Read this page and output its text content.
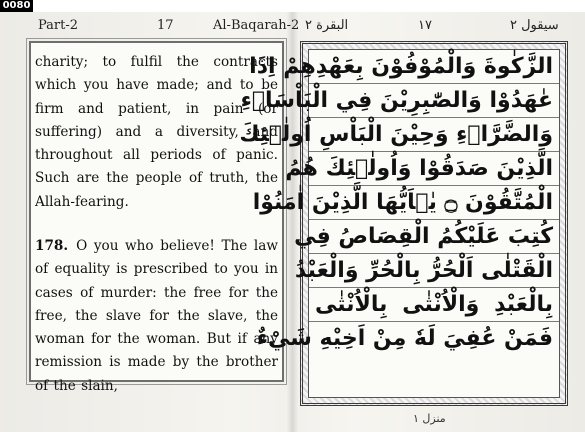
0080
Part-2	17	Al-Baqarah-2 البقرة ٢	١٧	سيقول ٢

charity; to fulfil the contracts which you have made; and to be firm and patient, in pain (or suffering) and a diversity, and throughout all periods of panic. Such are the people of truth, the Allah-fearing.

178. O you who believe! The law of equality is prescribed to you in cases of murder: the free for the free, the slave for the slave, the woman for the woman. But if any remission is made by the brother of the slain,

الزَّكٰوةَ وَالْمُوْفُوْنَ بِعَهْدِهِمْ اِذَا
عٰهَدُوْا وَالصّٰبِرِيْنَ فِي الْبَاْسَاۤءِ
وَالضَّرَّاۤءِ وَحِيْنَ الْبَاْسِ اُولٰۤئِكَ
الَّذِيْنَ صَدَقُوْا وَاُولٰۤئِكَ هُمُ
الْمُتَّقُوْنَ ۝ يٰۤاَيُّهَا الَّذِيْنَ اٰمَنُوْا
كُتِبَ عَلَيْكُمُ الْقِصَاصُ فِي
الْقَتْلٰى اَلْحُرُّ بِالْحُرِّ وَالْعَبْدُ
بِالْعَبْدِ وَالْاُنْثٰى بِالْاُنْثٰى
فَمَنْ عُفِيَ لَهٗ مِنْ اَخِيْهِ شَيْءٌ
منزل ١
